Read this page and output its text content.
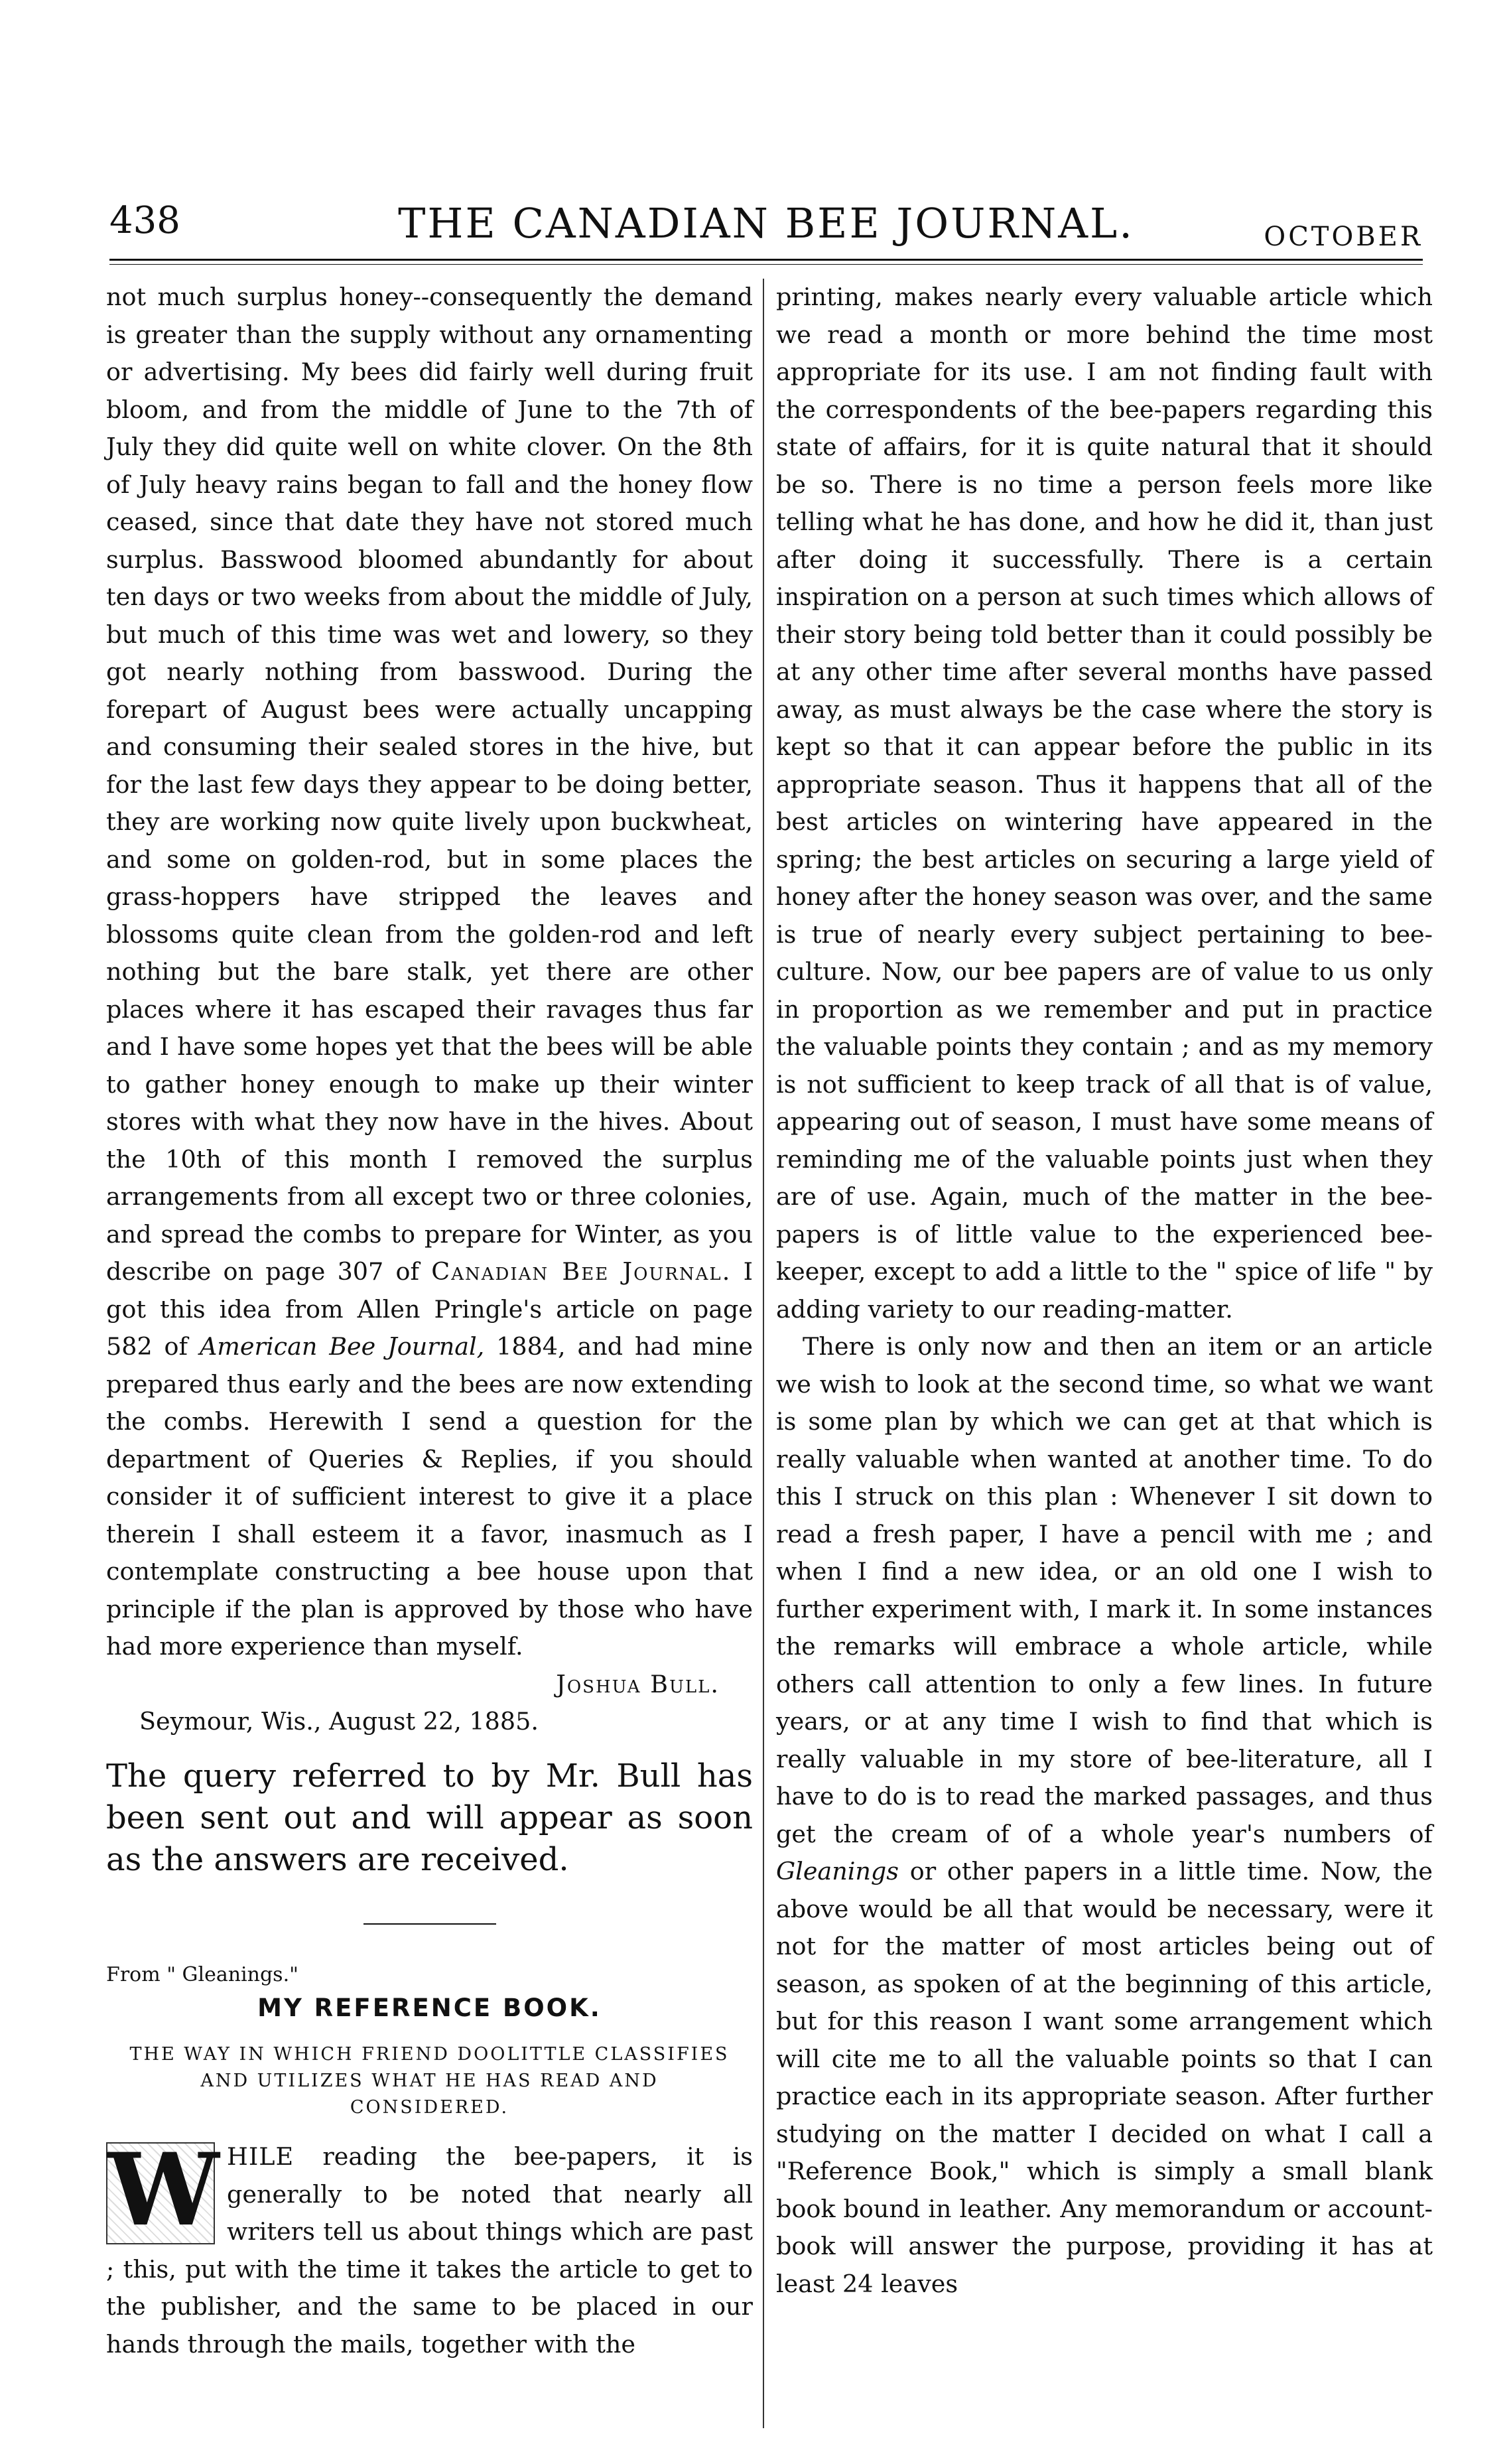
438	THE CANADIAN BEE JOURNAL.	OCTOBER

not much surplus honey--consequently the demand is greater than the supply without any ornamenting or advertising. My bees did fairly well during fruit bloom, and from the middle of June to the 7th of July they did quite well on white clover. On the 8th of July heavy rains began to fall and the honey flow ceased, since that date they have not stored much surplus. Basswood bloomed abundantly for about ten days or two weeks from about the middle of July, but much of this time was wet and lowery, so they got nearly nothing from basswood. During the forepart of August bees were actually uncapping and consuming their sealed stores in the hive, but for the last few days they appear to be doing better, they are working now quite lively upon buckwheat, and some on golden-rod, but in some places the grass-hoppers have stripped the leaves and blossoms quite clean from the golden-rod and left nothing but the bare stalk, yet there are other places where it has escaped their ravages thus far and I have some hopes yet that the bees will be able to gather honey enough to make up their winter stores with what they now have in the hives. About the 10th of this month I removed the surplus arrangements from all except two or three colonies, and spread the combs to prepare for Winter, as you describe on page 307 of Canadian Bee Journal. I got this idea from Allen Pringle's article on page 582 of American Bee Journal, 1884, and had mine prepared thus early and the bees are now extending the combs. Herewith I send a question for the department of Queries & Replies, if you should consider it of sufficient interest to give it a place therein I shall esteem it a favor, inasmuch as I contemplate constructing a bee house upon that principle if the plan is approved by those who have had more experience than myself.

Joshua Bull.

Seymour, Wis., August 22, 1885.

The query referred to by Mr. Bull has been sent out and will appear as soon as the answers are received.

From " Gleanings."

MY REFERENCE BOOK.

THE WAY IN WHICH FRIEND DOOLITTLE CLASSIFIES AND UTILIZES WHAT HE HAS READ AND CONSIDERED.

W HILE reading the bee-papers, it is generally to be noted that nearly all writers tell us about things which are past ; this, put with the time it takes the article to get to the publisher, and the same to be placed in our hands through the mails, together with the

printing, makes nearly every valuable article which we read a month or more behind the time most appropriate for its use. I am not finding fault with the correspondents of the bee-papers regarding this state of affairs, for it is quite natural that it should be so. There is no time a person feels more like telling what he has done, and how he did it, than just after doing it successfully. There is a certain inspiration on a person at such times which allows of their story being told better than it could possibly be at any other time after several months have passed away, as must always be the case where the story is kept so that it can appear before the public in its appropriate season. Thus it happens that all of the best articles on wintering have appeared in the spring; the best articles on securing a large yield of honey after the honey season was over, and the same is true of nearly every subject pertaining to bee-culture. Now, our bee papers are of value to us only in proportion as we remember and put in practice the valuable points they contain ; and as my memory is not sufficient to keep track of all that is of value, appearing out of season, I must have some means of reminding me of the valuable points just when they are of use. Again, much of the matter in the bee-papers is of little value to the experienced bee-keeper, except to add a little to the " spice of life " by adding variety to our reading-matter.

There is only now and then an item or an article we wish to look at the second time, so what we want is some plan by which we can get at that which is really valuable when wanted at another time. To do this I struck on this plan : Whenever I sit down to read a fresh paper, I have a pencil with me ; and when I find a new idea, or an old one I wish to further experiment with, I mark it. In some instances the remarks will embrace a whole article, while others call attention to only a few lines. In future years, or at any time I wish to find that which is really valuable in my store of bee-literature, all I have to do is to read the marked passages, and thus get the cream of of a whole year's numbers of Gleanings or other papers in a little time. Now, the above would be all that would be necessary, were it not for the matter of most articles being out of season, as spoken of at the beginning of this article, but for this reason I want some arrangement which will cite me to all the valuable points so that I can practice each in its appropriate season. After further studying on the matter I decided on what I call a "Reference Book," which is simply a small blank book bound in leather. Any memorandum or account-book will answer the purpose, providing it has at least 24 leaves
